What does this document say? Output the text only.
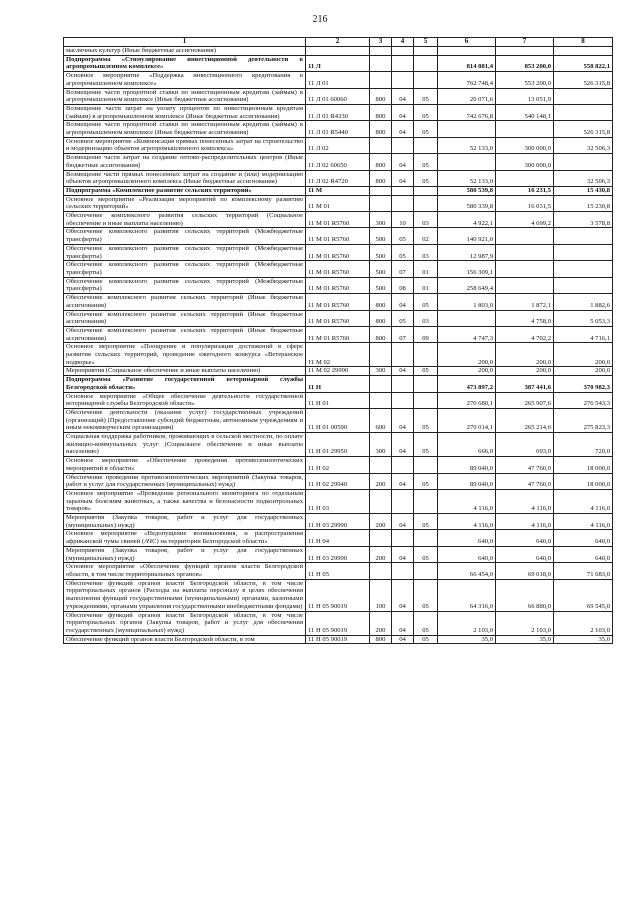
216
1	2	3	4	5	6	7	8
масличных культур (Иные бюджетные ассигнования)							
Подпрограмма «Стимулирование инвестиционной деятельности в агропромышленном комплексе»	11 Л				814 881,4	853 200,0	558 822,1
Основное мероприятие «Поддержка инвестиционного кредитования в агропромышленном комплексе»	11 Л 01				762 748,4	553 200,0	526 315,8
Возмещение части процентной ставки по инвестиционным кредитам (займам) в агропромышленном комплексе (Иные бюджетные ассигнования)	11 Л 01 60060	800	04	05	20 071,6	13 051,9	
Возмещение части затрат на уплату процентов по инвестиционным кредитам (займам) в агропромышленном комплексе (Иные бюджетные ассигнования)	11 Л 01 R4330	800	04	05	742 676,8	540 148,1	
Возмещение части процентной ставки по инвестиционным кредитам (займам) в агропромышленном комплексе (Иные бюджетные ассигнования)	11 Л 01 R5440	800	04	05			526 315,8
Основное мероприятие «Компенсация прямых понесенных затрат на строительство и модернизацию объектов агропромышленного комплекса»	11 Л 02				52 133,0	300 000,0	32 506,3
Возмещение части затрат на создание оптово-распределительных центров (Иные бюджетные ассигнования)	11 Л 02 60650	800	04	05		300 000,0	
Возмещение части прямых понесенных затрат на создание и (или) модернизацию объектов агропромышленного комплекса (Иные бюджетные ассигнования)	11 Л 02 R4720	800	04	05	52 133,0		32 506,3
Подпрограмма «Комплексное развитие сельских территорий»	11 М				580 539,8	16 231,5	15 430,8
Основное мероприятие «Реализация мероприятий по комплексному развитию сельских территорий»	11 М 01				580 339,8	16 031,5	15 230,8
Обеспечение комплексного развития сельских территорий (Социальное обеспечение и иные выплаты населению)	11 М 01 R5760	300	10	03	4 922,1	4 699,2	3 578,8
Обеспечение комплексного развития сельских территорий (Межбюджетные трансферты)	11 М 01 R5760	500	05	02	140 921,0		
Обеспечение комплексного развития сельских территорий (Межбюджетные трансферты)	11 М 01 R5760	500	05	03	12 987,9		
Обеспечение комплексного развития сельских территорий (Межбюджетные трансферты)	11 М 01 R5760	500	07	01	156 309,1		
Обеспечение комплексного развития сельских территорий (Межбюджетные трансферты)	11 М 01 R5760	500	08	01	258 649,4		
Обеспечение комплексного развития сельских территорий (Иные бюджетные ассигнования)	11 М 01 R5760	800	04	05	1 803,0	1 872,1	1 882,6
Обеспечение комплексного развития сельских территорий (Иные бюджетные ассигнования)	11 М 01 R5760	800	05	03		4 758,0	5 053,3
Обеспечение комплексного развития сельских территорий (Иные бюджетные ассигнования)	11 М 01 R5760	800	07	09	4 747,3	4 702,2	4 716,1
Основное мероприятие «Поощрение и популяризация достижений в сфере развития сельских территорий, проведение ежегодного конкурса «Ветеранское подворье»	11 М 02				200,0	200,0	200,0
Мероприятия (Социальное обеспечение и иные выплаты населению)	11 М 02 29990	300	04	05	200,0	200,0	200,0
Подпрограмма «Развитие государственной ветеринарной службы Белгородской области»	11 Н				473 897,2	387 441,6	370 982,3
Основное мероприятие «Общее обеспечение деятельности государственной ветеринарной службы Белгородской области»	11 Н 01				270 680,1	265 907,6	276 543,3
Обеспечение деятельности (оказание услуг) государственных учреждений (организаций) (Предоставление субсидий бюджетным, автономным учреждениям и иным некоммерческим организациям)	11 Н 01 00590	600	04	05	270 014,1	265 214,6	275 823,3
Социальная поддержка работников, проживающих в сельской местности, по оплате жилищно-коммунальных услуг (Социальное обеспечение и иные выплаты населению)	11 Н 01 29950	300	04	05	666,0	693,0	720,0
Основное мероприятие «Обеспечение проведения противоэпизоотических мероприятий в области»	11 Н 02				89 040,0	47 760,0	18 000,0
Обеспечение проведения противоэпизоотических мероприятий (Закупка товаров, работ и услуг для государственных (муниципальных) нужд)	11 Н 02 29940	200	04	05	89 040,0	47 760,0	18 000,0
Основное мероприятие «Проведение регионального мониторинга по отдельным заразным болезням животных, а также качества и безопасности подконтрольных товаров»	11 Н 03				4 116,0	4 116,0	4 116,0
Мероприятия (Закупка товаров, работ и услуг для государственных (муниципальных) нужд)	11 Н 03 29990	200	04	05	4 116,0	4 116,0	4 116,0
Основное мероприятие «Недопущение возникновения, и распространения африканской чумы свиней (АЧС) на территории Белгородской области»	11 Н 04				640,0	640,0	640,0
Мероприятия (Закупка товаров, работ и услуг для государственных (муниципальных) нужд)	11 Н 03 29990	200	04	05	640,0	640,0	640,0
Основное мероприятие «Обеспечение функций органов власти Белгородской области, в том числе территориальных органов»	11 Н 05				66 454,0	69 018,0	71 683,0
Обеспечение функций органов власти Белгородской области, в том числе территориальных органов (Расходы на выплаты персоналу в целях обеспечения выполнения функций государственными (муниципальными) органами, казенными учреждениями, органами управления государственными внебюджетными фондами)	11 Н 05 90019	100	04	05	64 316,0	66 880,0	69 545,0
Обеспечение функций органов власти Белгородской области, в том числе территориальных органов (Закупка товаров, работ и услуг для обеспечения государственных (муниципальных) нужд)	11 Н 05 90019	200	04	05	2 103,0	2 103,0	2 103,0
Обеспечение функций органов власти Белгородской области, в том	11 Н 05 90019	800	04	05	35,0	35,0	35,0
